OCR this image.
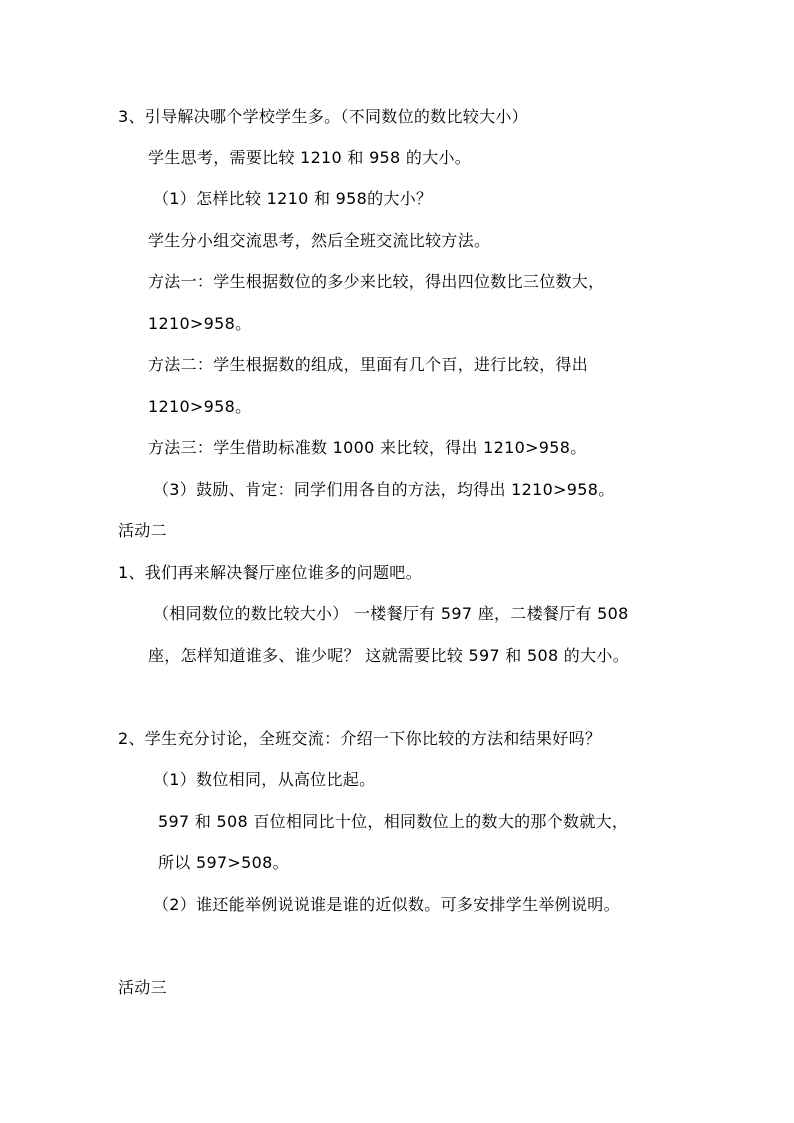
3、引导解决哪个学校学生多。（不同数位的数比较大小）
学生思考，需要比较 1210 和 958 的大小。
（1）怎样比较 1210 和 958的大小？
学生分小组交流思考，然后全班交流比较方法。
方法一：学生根据数位的多少来比较，得出四位数比三位数大，
1210>958。
方法二：学生根据数的组成，里面有几个百，进行比较，得出
1210>958。
方法三：学生借助标准数 1000 来比较，得出 1210>958。
（3）鼓励、肯定：同学们用各自的方法，均得出 1210>958。
活动二
1、我们再来解决餐厅座位谁多的问题吧。
（相同数位的数比较大小） 一楼餐厅有 597 座，二楼餐厅有 508
座，怎样知道谁多、谁少呢？ 这就需要比较 597 和 508 的大小。
2、学生充分讨论，全班交流：介绍一下你比较的方法和结果好吗？
（1）数位相同，从高位比起。
597 和 508 百位相同比十位，相同数位上的数大的那个数就大，
所以 597>508。
（2）谁还能举例说说谁是谁的近似数。可多安排学生举例说明。
活动三
